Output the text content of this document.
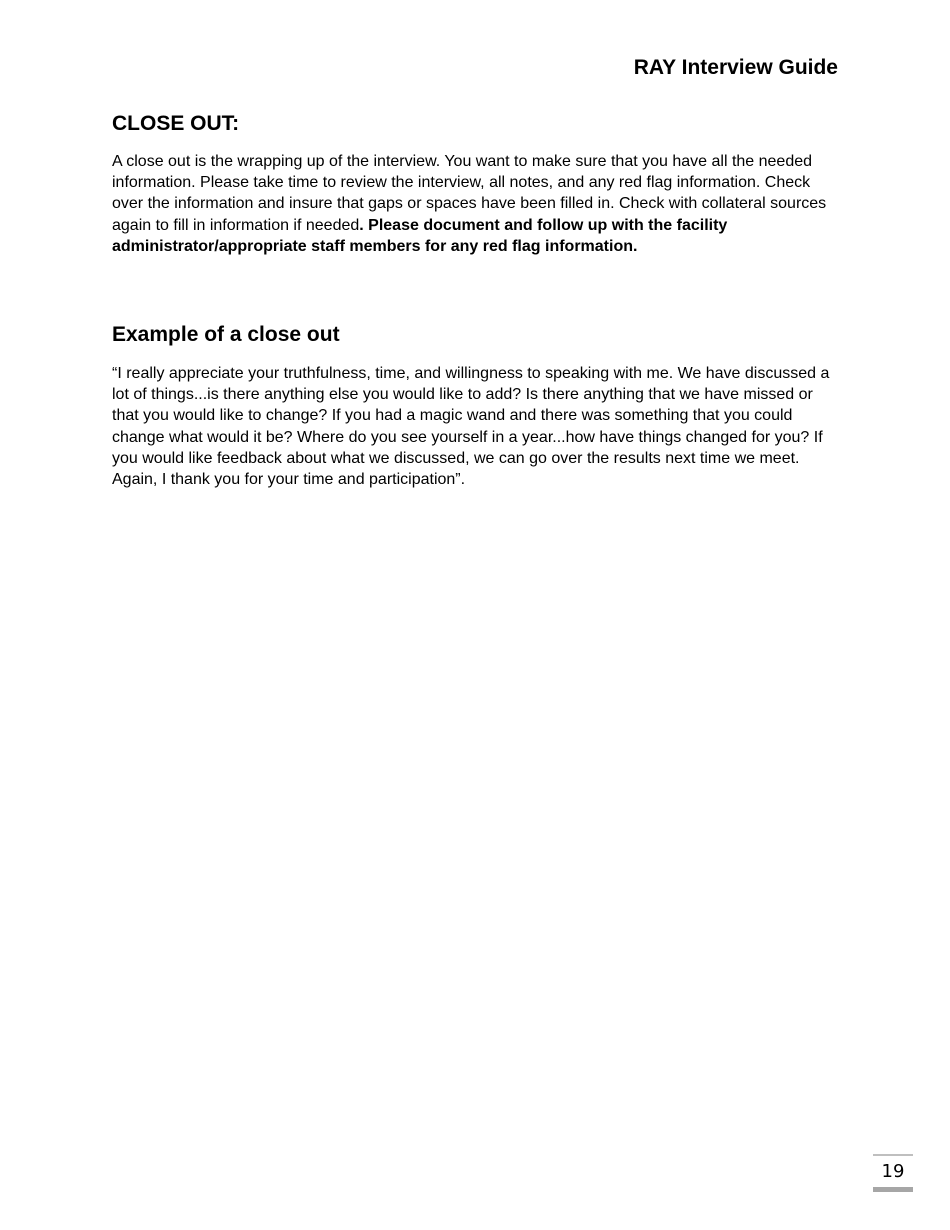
RAY Interview Guide
CLOSE OUT:

A close out is the wrapping up of the interview. You want to make sure that you have all the needed information. Please take time to review the interview, all notes, and any red flag information. Check over the information and insure that gaps or spaces have been filled in. Check with collateral sources again to fill in information if needed. Please document and follow up with the facility administrator/appropriate staff members for any red flag information.

Example of a close out

“I really appreciate your truthfulness, time, and willingness to speaking with me. We have discussed a lot of things...is there anything else you would like to add? Is there anything that we have missed or that you would like to change? If you had a magic wand and there was something that you could change what would it be? Where do you see yourself in a year...how have things changed for you? If you would like feedback about what we discussed, we can go over the results next time we meet. Again, I thank you for your time and participation”.

19
